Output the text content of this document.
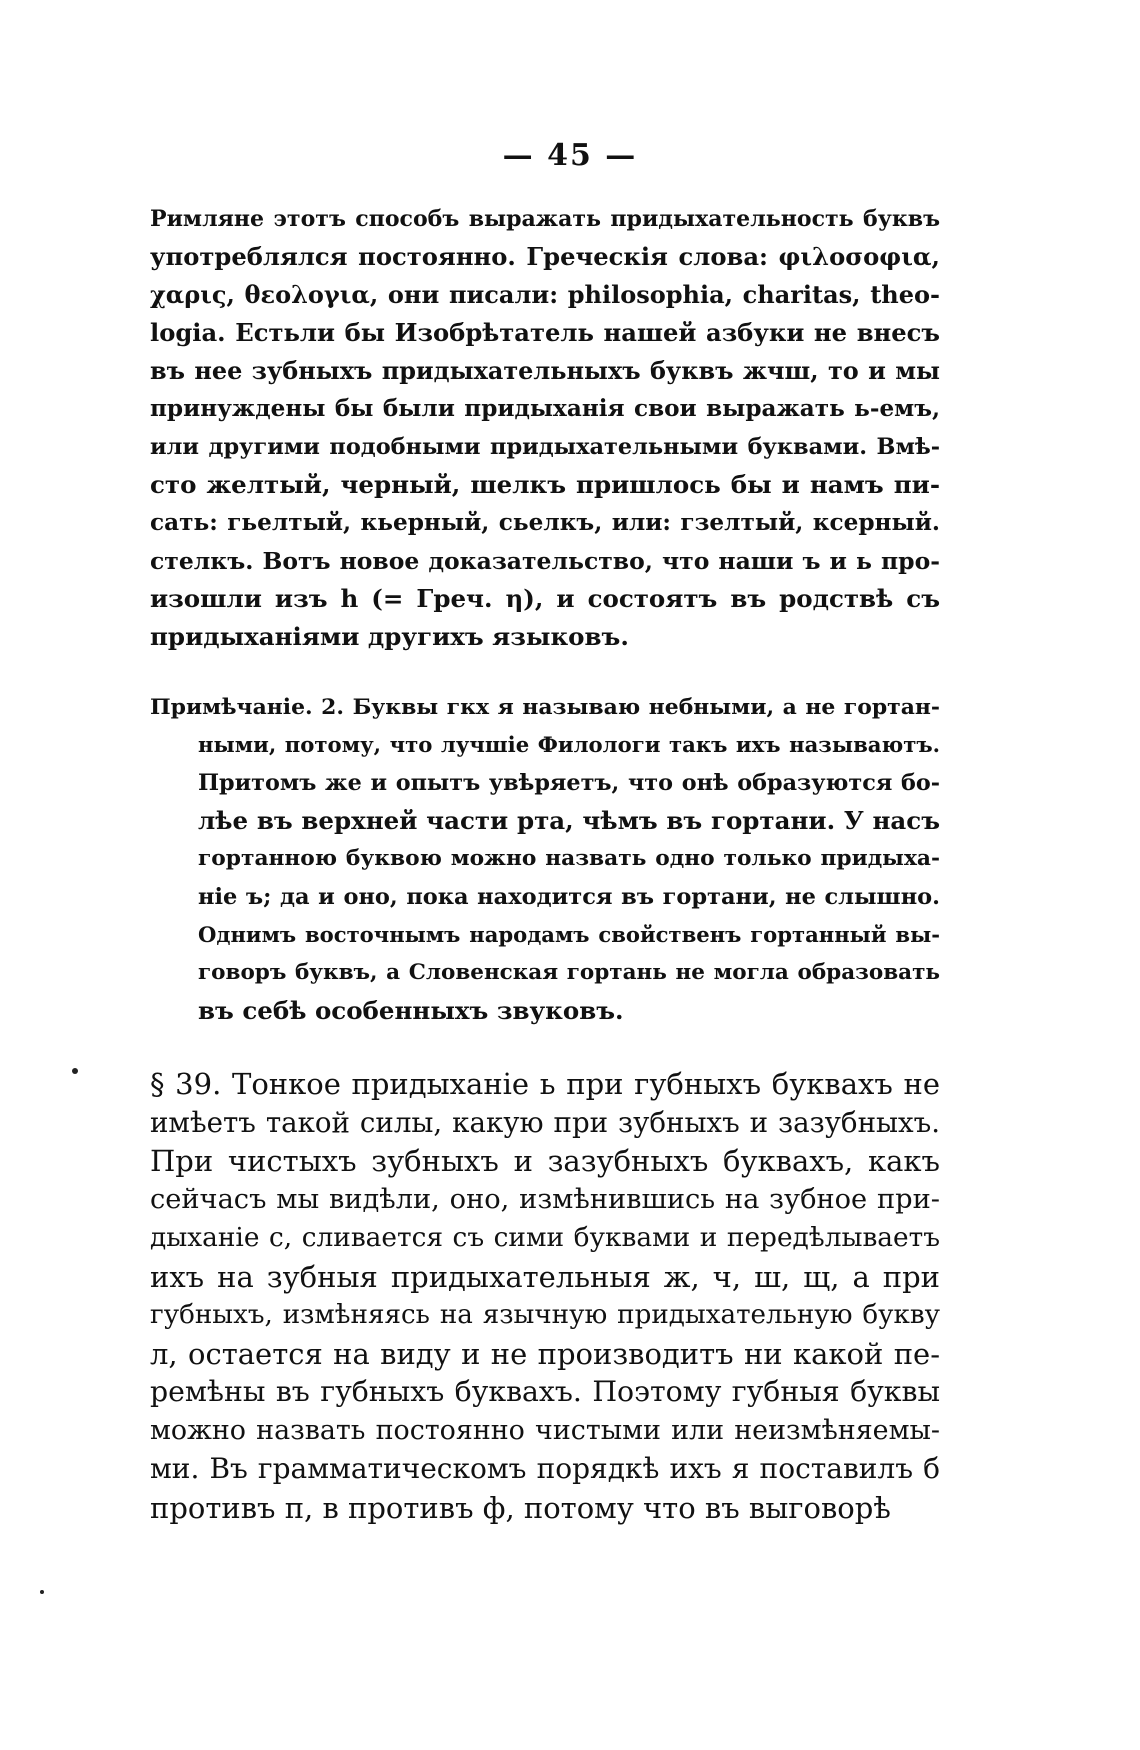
— 45 —
Римляне этотъ способъ выражать придыхательность буквъ
употреблялся постоянно. Греческія слова: φιλοσοφια,
χαρις, θεολογια, они писали: philosophia, charitas, theo-
logia. Естьли бы Изобрѣтатель нашей азбуки не внесъ
въ нее зубныхъ придыхательныхъ буквъ жчш, то и мы
принуждены бы были придыханія свои выражать ь-емъ,
или другими подобными придыхательными буквами. Вмѣ-
сто желтый, черный, шелкъ пришлось бы и намъ пи-
сать: гьелтый, кьерный, сьелкъ, или: гзелтый, ксерный.
стелкъ. Вотъ новое доказательство, что наши ъ и ь про-
изошли изъ h (= Греч. η), и состоятъ въ родствѣ съ
придыханіями другихъ языковъ.
Примѣчаніе. 2. Буквы гкх я называю небными, а не гортан-
ными, потому, что лучшіе Филологи такъ ихъ называютъ.
Притомъ же и опытъ увѣряетъ, что онѣ образуются бо-
лѣе въ верхней части рта, чѣмъ въ гортани. У насъ
гортанною буквою можно назвать одно только придыха-
ніе ъ; да и оно, пока находится въ гортани, не слышно.
Однимъ восточнымъ народамъ свойственъ гортанный вы-
говоръ буквъ, а Словенская гортань не могла образовать
въ себѣ особенныхъ звуковъ.
§ 39. Тонкое придыханіе ь при губныхъ буквахъ не
имѣетъ такой силы, какую при зубныхъ и зазубныхъ.
При чистыхъ зубныхъ и зазубныхъ буквахъ, какъ
сейчасъ мы видѣли, оно, измѣнившись на зубное при-
дыханіе с, сливается съ сими буквами и передѣлываетъ
ихъ на зубныя придыхательныя ж, ч, ш, щ, а при
губныхъ, измѣняясь на язычную придыхательную букву
л, остается на виду и не производитъ ни какой пе-
ремѣны въ губныхъ буквахъ. Поэтому губныя буквы
можно назвать постоянно чистыми или неизмѣняемы-
ми. Въ грамматическомъ порядкѣ ихъ я поставилъ б
противъ п, в противъ ф, потому что въ выговорѣ
